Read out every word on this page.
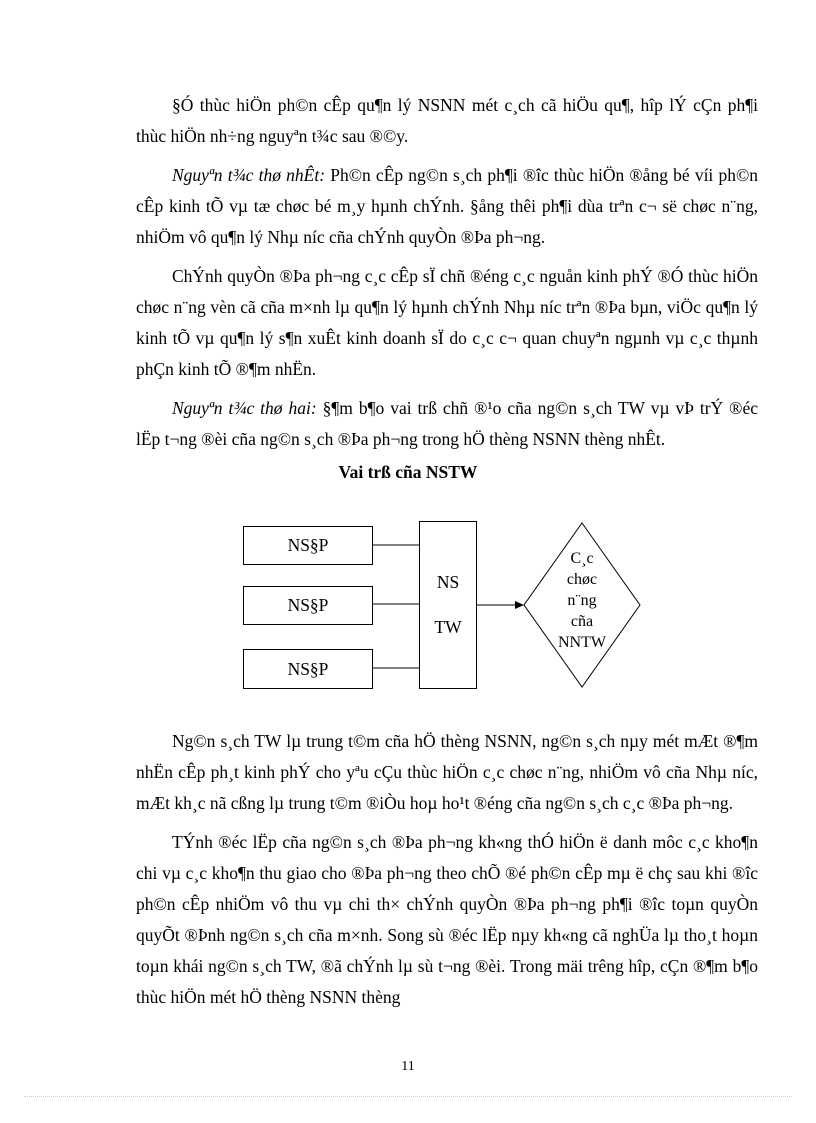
§Ó thùc hiÖn ph©n cÊp qu¶n lý NSNN mét c¸ch cã hiÖu qu¶, hîp lÝ cÇn ph¶i thùc hiÖn nh÷ng nguyªn t¾c sau ®©y.

Nguyªn t¾c thø nhÊt: Ph©n cÊp ng©n s¸ch ph¶i ®îc thùc hiÖn ®ång bé víi ph©n cÊp kinh tÕ vµ tæ chøc bé m¸y hµnh chÝnh. §ång thêi ph¶i dùa trªn c¬ së chøc n¨ng, nhiÖm vô qu¶n lý Nhµ níc cña chÝnh quyÒn ®Þa ph¬ng.

ChÝnh quyÒn ®Þa ph¬ng c¸c cÊp sÏ chñ ®éng c¸c nguån kinh phÝ ®Ó thùc hiÖn chøc n¨ng vèn cã cña m×nh lµ qu¶n lý hµnh chÝnh Nhµ níc trªn ®Þa bµn, viÖc qu¶n lý kinh tÕ vµ qu¶n lý s¶n xuÊt kinh doanh sÏ do c¸c c¬ quan chuyªn ngµnh vµ c¸c thµnh phÇn kinh tÕ ®¶m nhËn.

Nguyªn t¾c thø hai: §¶m b¶o vai trß chñ ®¹o cña ng©n s¸ch TW vµ vÞ trÝ ®éc lËp t¬ng ®èi cña ng©n s¸ch ®Þa ph¬ng trong hÖ thèng NSNN thèng nhÊt.

Vai trß cña NSTW

NS§P
NS§P
NS§P
NS
TW
C¸c
chøc
n¨ng
cña
NNTW

Ng©n s¸ch TW lµ trung t©m cña hÖ thèng NSNN, ng©n s¸ch nµy mét mÆt ®¶m nhËn cÊp ph¸t kinh phÝ cho yªu cÇu thùc hiÖn c¸c chøc n¨ng, nhiÖm vô cña Nhµ níc, mÆt kh¸c nã cßng lµ trung t©m ®iÒu hoµ ho¹t ®éng cña ng©n s¸ch c¸c ®Þa ph¬ng.

TÝnh ®éc lËp cña ng©n s¸ch ®Þa ph¬ng kh«ng thÓ hiÖn ë danh môc c¸c kho¶n chi vµ c¸c kho¶n thu giao cho ®Þa ph¬ng theo chÕ ®é ph©n cÊp mµ ë chç sau khi ®îc ph©n cÊp nhiÖm vô thu vµ chi th× chÝnh quyÒn ®Þa ph¬ng ph¶i ®îc toµn quyÒn quyÕt ®Þnh ng©n s¸ch cña m×nh. Song sù ®éc lËp nµy kh«ng cã nghÜa lµ tho¸t hoµn toµn khái ng©n s¸ch TW, ®ã chÝnh lµ sù t¬ng ®èi. Trong mäi trêng hîp, cÇn ®¶m b¶o thùc hiÖn mét hÖ thèng NSNN thèng

11
